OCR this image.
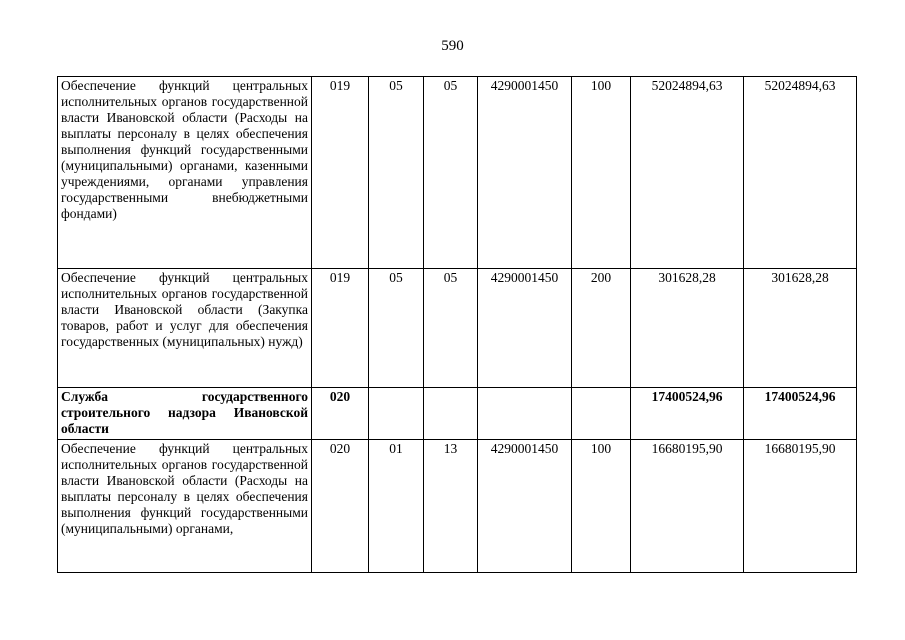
590
Обеспечение функций центральных исполнительных органов государственной власти Ивановской области (Расходы на выплаты персоналу в целях обеспечения выполнения функций государственными (муниципальными) органами, казенными учреждениями, органами управления государственными внебюджетными фондами)	019	05	05	4290001450	100	52024894,63	52024894,63
Обеспечение функций центральных исполнительных органов государственной власти Ивановской области (Закупка товаров, работ и услуг для обеспечения государственных (муниципальных) нужд)	019	05	05	4290001450	200	301628,28	301628,28
Служба государственного строительного надзора Ивановской области	020					17400524,96	17400524,96
Обеспечение функций центральных исполнительных органов государственной власти Ивановской области (Расходы на выплаты персоналу в целях обеспечения выполнения функций государственными (муниципальными) органами,	020	01	13	4290001450	100	16680195,90	16680195,90
